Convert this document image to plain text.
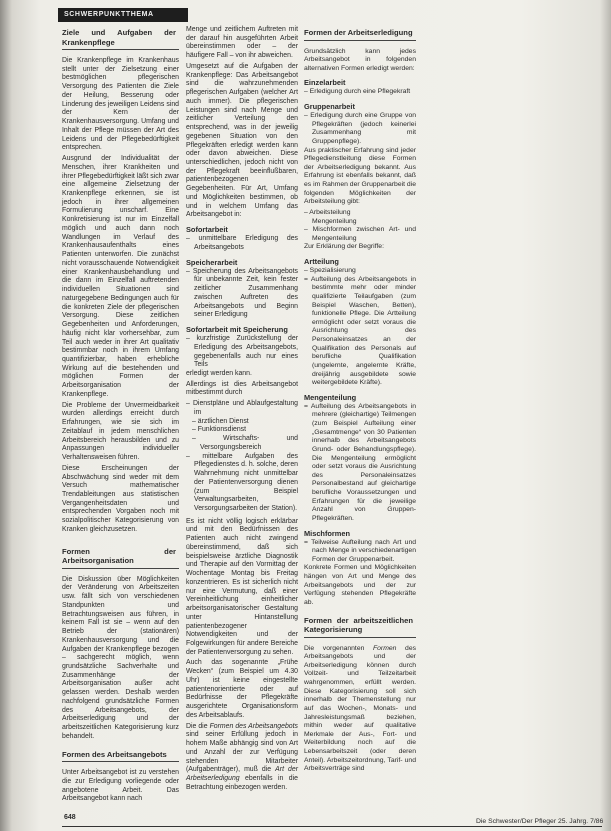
SCHWERPUNKTTHEMA
Ziele und Aufgaben der Krankenpflege

Die Krankenpflege im Krankenhaus stellt unter der Zielsetzung einer bestmöglichen pflegerischen Versorgung des Patienten die Ziele der Heilung, Besserung oder Linderung des jeweiligen Leidens sind der Kern der Krankenhausversorgung. Umfang und Inhalt der Pflege müssen der Art des Leidens und der Pflegebedürftigkeit entsprechen.

Ausgrund der Individualität der Menschen, ihrer Krankheiten und ihrer Pflegebedürftigkeit läßt sich zwar eine allgemeine Zielsetzung der Krankenpflege erkennen, sie ist jedoch in ihrer allgemeinen Formulierung unscharf. Eine Konkretisierung ist nur im Einzelfall möglich und auch dann noch Wandlungen im Verlauf des Krankenhausaufenthalts eines Patienten unterworfen. Die zunächst nicht vorausschauende Notwendigkeit einer Krankenhausbehandlung und die dann im Einzelfall auftretenden individuellen Situationen sind naturgegebene Bedingungen auch für die konkreten Ziele der pflegerischen Versorgung. Diese zeitlichen Gegebenheiten und Anforderungen, häufig nicht klar vorhersehbar, zum Teil auch weder in ihrer Art qualitativ bestimmbar noch in ihrem Umfang quantifizierbar, haben erhebliche Wirkung auf die bestehenden und möglichen Formen der Arbeitsorganisation der Krankenpflege.

Die Probleme der Unvermeidbarkeit wurden allerdings erreicht durch Erfahrungen, wie sie sich im Zeitablauf in jedem menschlichen Arbeitsbereich herausbilden und zu Anpassungen individueller Verhaltensweisen führen.

Diese Erscheinungen der Abschwächung sind weder mit dem Versuch mathematischer Trendableitungen aus statistischen Vergangenheitsdaten und entsprechenden Vorgaben noch mit sozialpolitischer Kategorisierung von Kranken gleichzusetzen.

Formen der Arbeitsorganisation

Die Diskussion über Möglichkeiten der Veränderung von Arbeitszeiten usw. fällt sich von verschiedenen Standpunkten und Betrachtungsweisen aus führen, in keinem Fall ist sie – wenn auf den Betrieb der (stationären) Krankenhausversorgung und die Aufgaben der Krankenpflege bezogen – sachgerecht möglich, wenn grundsätzliche Sachverhalte und Zusammenhänge der Arbeitsorganisation außer acht gelassen werden. Deshalb werden nachfolgend grundsätzliche Formen des Arbeitsangebots, der Arbeitserledigung und der arbeitszeitlichen Kategorisierung kurz behandelt.

Formen des Arbeitsangebots

Unter Arbeitsangebot ist zu verstehen die zur Erledigung vorliegende oder angebotene Arbeit. Das Arbeitsangebot kann nach

Menge und zeitlichem Auftreten mit der darauf hin ausgeführten Arbeit übereinstimmen oder – der häufigere Fall – von ihr abweichen.

Umgesetzt auf die Aufgaben der Krankenpflege: Das Arbeitsangebot sind die wahrzunehmenden pflegerischen Aufgaben (welcher Art auch immer). Die pflegerischen Leistungen sind nach Menge und zeitlicher Verteilung den entsprechend, was in der jeweilig gegebenen Situation von den Pflegekräften erledigt werden kann oder davon abweichen. Diese unterschiedlichen, jedoch nicht von der Pflegekraft beeinflußbaren, patientenbezogenen Gegebenheiten. Für Art, Umfang und Möglichkeiten bestimmen, ob und in welchem Umfang das Arbeitsangebot in:

Sofortarbeit

– unmittelbare Erledigung des Arbeitsangebots

Speicherarbeit

– Speicherung des Arbeitsangebots für unbekannte Zeit, kein fester zeitlicher Zusammenhang zwischen Auftreten des Arbeitsangebots und Beginn seiner Erledigung

Sofortarbeit mit Speicherung

– kurzfristige Zurückstellung der Erledigung des Arbeitsangebots, gegebenenfalls auch nur eines Teils

erledigt werden kann.

Allerdings ist dies Arbeitsangebot mitbestimmt durch

– Dienstpläne und Ablaufgestaltung im

– ärztlichen Dienst

– Funktionsdienst

– Wirtschafts- und Versorgungsbereich

– mittelbare Aufgaben des Pflegedienstes d. h. solche, deren Wahrnehmung nicht unmittelbar der Patientenversorgung dienen (zum Beispiel Verwaltungsarbeiten, Versorgungsarbeiten der Station).

Es ist nicht völlig logisch erklärbar und mit den Bedürfnissen des Patienten auch nicht zwingend übereinstimmend, daß sich beispielsweise ärztliche Diagnostik und Therapie auf den Vormittag der Wochentage Montag bis Freitag konzentrieren. Es ist sicherlich nicht nur eine Vermutung, daß einer Vereinheitlichung einheitlicher arbeitsorganisatorischer Gestaltung unter Hintanstellung patientenbezogener Notwendigkeiten und der Folgewirkungen für andere Bereiche der Patientenversorgung zu sehen.

Auch das sogenannte „Frühe Wecken“ (zum Beispiel um 4.30 Uhr) ist keine eingestellte patientenorientierte oder auf Bedürfnisse der Pflegekräfte ausgerichtete Organisationsform des Arbeitsablaufs.

Die die Formen des Arbeitsangebots sind seiner Erfüllung jedoch in hohem Maße abhängig sind von Art und Anzahl der zur Verfügung stehenden Mitarbeiter (Aufgabenträger), muß die Art der Arbeitserledigung ebenfalls in die Betrachtung einbezogen werden.

Formen der Arbeitserledigung

Grundsätzlich kann jedes Arbeitsangebot in folgenden alternativen Formen erledigt werden:

Einzelarbeit

– Erledigung durch eine Pflegekraft

Gruppenarbeit

– Erledigung durch eine Gruppe von Pflegekräften (jedoch keinerlei Zusammenhang mit Gruppenpflege).

Aus praktischer Erfahrung sind jeder Pflegedienstleitung diese Formen der Arbeitserledigung bekannt. Aus Erfahrung ist ebenfalls bekannt, daß es im Rahmen der Gruppenarbeit die folgenden Möglichkeiten der Arbeitsteilung gibt:

– Arbeitsteilung

Mengenteilung

– Mischformen zwischen Art- und Mengenteilung

Zur Erklärung der Begriffe:

Artteilung

– Spezialisierung

= Aufteilung des Arbeitsangebots in bestimmte mehr oder minder qualifizierte Teilaufgaben (zum Beispiel Waschen, Betten), funktionelle Pflege. Die Artteilung ermöglicht oder setzt voraus die Ausrichtung des Personaleinsatzes an der Qualifikation des Personals auf berufliche Qualifikation (ungelernte, angelernte Kräfte, dreijährig ausgebildete sowie weitergebildete Kräfte).

Mengenteilung

= Aufteilung des Arbeitsangebots in mehrere (gleichartige) Teilmengen (zum Beispiel Aufteilung einer „Gesamtmenge“ von 30 Patienten innerhalb des Arbeitsangebots Grund- oder Behandlungspflege). Die Mengenteilung ermöglicht oder setzt voraus die Ausrichtung des Personaleinsatzes Personalbestand auf gleichartige berufliche Voraussetzungen und Erfahrungen für die jeweilige Anzahl von Gruppen-Pflegekräften.

Mischformen

= Teilweise Aufteilung nach Art und nach Menge in verschiedenartigen Formen der Gruppenarbeit.

Konkrete Formen und Möglichkeiten hängen von Art und Menge des Arbeitsangebots und der zur Verfügung stehenden Pflegekräfte ab.

Formen der arbeitszeitlichen Kategorisierung

Die vorgenannten Formen des Arbeitsangebots und der Arbeitserledigung können durch Vollzeit- und Teilzeitarbeit wahrgenommen, erfüllt werden. Diese Kategorisierung soll sich innerhalb der Themenstellung nur auf das Wochen-, Monats- und Jahresleistungsmaß beziehen, mithin weder auf qualitative Merkmale der Aus-, Fort- und Weiterbildung noch auf die Lebensarbeitszeit (oder deren Anteil). Arbeitszeitordnung, Tarif- und Arbeitsverträge sind

648
Die Schwester/Der Pfleger 25. Jahrg. 7/86
